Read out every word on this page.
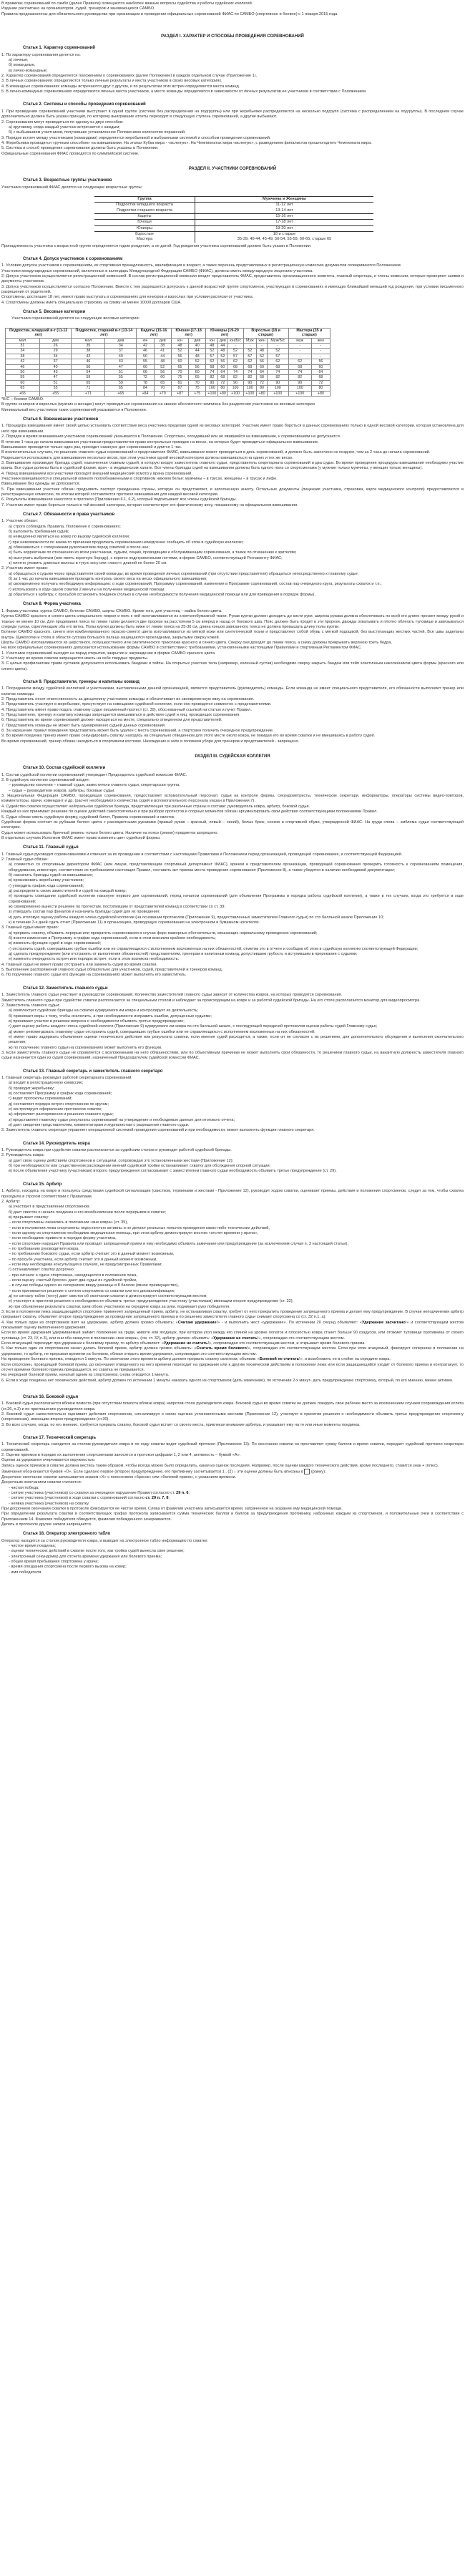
В правилах соревнований по самбо (далее Правила) освещаются наиболее важные вопросы судейства и работы судейских коллегий.

Издание рассчитано на организаторов, судей, тренеров и занимающихся САМБО.

Правила предназначены для обязательного руководства при организации и проведении официальных соревнований ФИАС по САМБО (спортивное и боевое) с 1 января 2015 года.

РАЗДЕЛ I. ХАРАКТЕР И СПОСОБЫ ПРОВЕДЕНИЯ СОРЕВНОВАНИЙ
Статья 1. Характер соревнований

1. По характеру соревнования делятся на:

а) личные;

б) командные,

в) лично-командные;

2. Характер соревнований определяется положением о соревнованиях (далее Положение) в каждом отдельном случае (Приложение 1).

3. В личных соревнованиях определяются только личные результаты и места участников в своих весовых категориях.

4. В командных соревнованиях команды встречаются друг с другом, и по результатам этих встреч определяются места команд.

5. В лично-командных соревнованиях определяются личные места участников, а место команды определяется в зависимости от личных результатов ее участников в соответствии с Положением.

Статья 2. Системы и способы проведения соревнований

1. При проведении соревнований участники выступают в одной группе (система без распределения на подгруппы) или при жеребьевке распределяются на несколько подгрупп (система с распределением на подгруппы). В последнем случае дополнительно должен быть указан принцип, по которому выигравшие атлеты переходят в следующую ступень соревнований, а другие выбывают.

2. Соревнования могут проводиться по одному из двух способов:

а) круговому, когда каждый участник встречается с каждым;

б) с выбыванием участников, получивших установленное Положением количество поражений.

3. Порядок встреч между участниками (командами) определяется жеребьевкой и выбранными системой и способом проведения соревнований.

4. Жеребьевка проводится «ручным способом» на взвешивании. На этапах Кубка мира - «вслепую». На Чемпионатах мира «вслепую», с разведением финалистов прошлогоднего Чемпионата мира.

5. Система и способ проведения соревнования должны быть указаны в Положении.

Официальные соревнования ФИАС проводятся по олимпийской системе.

РАЗДЕЛ II. УЧАСТНИКИ СОРЕВНОВАНИЙ
Статья 3. Возрастные группы участников

Участники соревнований ФИАС делятся на следующие возрастные группы:

Группа	Мужчины и Женщины
Подростки младшего возраста	11-12 лет
Подростки старшего возраста	13-14 лет
Кадеты	15-16 лет
Юноши	17-18 лет
Юниоры	19-20 лет
Взрослые	18 и старше
Мастера	35-39, 40-44, 45-49, 50-54, 55-59, 60-65, старше 65

Принадлежность участника к возрастной группе определяется годом рождения, а не датой. Год рождения участника соревнований должен быть указан в Положении.

Статья 4. Допуск участников к соревнованиям

1. Условия допуска участников к соревнованиям, их спортивная принадлежность, квалификация и возраст, а также перечень представляемых в регистрационную комиссию документов оговариваются Положением.

Участники международных соревнований, включенных в календарь Международной Федерации САМБО (ФИАС), должны иметь международную лицензию участника.

2. Допуск участников осуществляется регистрационной комиссией. В состав регистрационной комиссии входят представитель ФИАС, представитель организационного комитета, главный секретарь, и члены комиссии, которые проверяют заявки и документы участников.

3. Допуск участников осуществляется согласно Положению. Вместе с тем разрешается допускать к данной возрастной группе спортсменов, участвующих в соревнованиях и имеющих ближайший меньший год рождения, при условии письменного разрешения от родителей.

Спортсмены, достигшие 18 лет, имеют право выступать в соревнованиях для юниоров и взрослых при условии расписки от участника.

4. Спортсмены должны иметь специальную страховку на сумму не менее 10000 долларов США.

Статья 5. Весовые категории

Участники соревнований делятся на следующие весовые категории:

Подростки, младший в-т (11-12 лет)		Подростки, старший в-т (13-14 лет)		Кадеты (15-16 лет)		Юноши (17-18 лет)		Юниоры (19-20 лет)			Взрослые (18 и старше)			Мастера (35 и старше)	
мал	дев	мал	дев	юн	дев	юн	дев	юн	дев	юн/Б/с	Муж	жен	Муж/Б/с	муж	жен
31	26	35	34	42	38	48	40	48	44	-	-	-	-	-	-
34	29	38	37	46	41	52	44	52	48	52	52	48	52	-	-
38	34	42	40	50	44	56	48	57	52	57	57	52	57	-	-
42	37	46	43	55	48	60	52	62	56	62	62	56	62	62	56
46	40	50	47	60	52	65	56	68	60	68	68	60	68	68	60
50	43	54	51	66	56	70	60	74	64	74	74	64	74	74	64
55	47	59	55	72	60	75	65	82	68	82	82	68	82	82	68
60	51	65	59	78	65	81	70	90	72	90	90	72	90	90	72
65	55	71	65	84	70	87	75	100	80	100	100	80	100	100	80
+65	+55	+71	+65	+84	+70	+87	+75	+100	+80	+100	+100	+80	+100	+100	+80

*Б/С – боевое САМБО.

В группе юниоров и взрослых (мужчин и женщин) могут проводиться соревнования на звание абсолютного чемпиона без разделения участников на весовые категории

Минимальный вес участников таких соревнований указывается в Положении.

Статья 6. Взвешивание участников

1. Процедура взвешивания имеет своей целью установить соответствие веса участника пределам одной из весовых категорий. Участник имеет право бороться в данных соревнованиях только в одной весовой категории, которая установлена для него при взвешивании.

2. Порядок и время взвешивания участников соревнований указывается в Положении. Спортсмен, опоздавший или не явившийся на взвешивание, к соревнованиям не допускается.

В течение 1 часа до начала взвешивания участникам предоставляется право контрольных прикидок на весах, на которых будет проводиться официальное взвешивание.

Взвешивание проводится только один раз, проходит накануне дня соревнований и длится 1 час.

В исключительных случаях, по решению главного судьи соревнований и представителя ФИАС, взвешивание может проводиться в день соревнований, и должно быть закончено не позднее, чем за 2 часа до начала соревнований.

Разрешается использовать для взвешивания несколько весов, при этом участники одной весовой категории должны взвешиваться на одних и тех же весах.

3. Взвешивание производит бригада судей, назначенная главным судьей, в которую входят заместитель главного судьи, представитель секретариата соревнований и два судьи. Во время проведения процедуры взвешивания необходимо участие врача. Все судьи должны быть в судейской форме, врач - в медицинском халате. Все члены бригады судей на взвешивании должны быть одного пола со спортсменами (у мужчин только мужчины, у женщин только женщины).

4. Перед взвешиванием все участники проходят внешний медицинский осмотр у врача соревнований.

Участники взвешиваются в специальной комнате полуобнаженными в спортивном нижнем белье: мужчины – в трусах, женщины – в трусах и лифе.

Взвешивание без одежды не допускается.

5. При взвешивании участник обязан предъявить паспорт гражданина страны, которую он представляет, и заполненную анкету. Остальные документы (лицензия участника, страховка, карта медицинского контроля) предоставляются в регистрационную комиссию, по итогам которой составляется протокол взвешивания для каждой весовой категории.

6. Результаты взвешивания заносятся в протокол (Приложения 6.1, 6.2), который подписывают все члены судейской бригады.

7. Участник имеет право бороться только в той весовой категории, которая соответствует его фактическому весу, показанному на официальном взвешивании.

Статья 7. Обязанности и права участников

1. Участник обязан:

а) строго соблюдать Правила, Положение о соревнованиях;

б) выполнять требования судей;

в) немедленно являться на ковер по вызову судейской коллегии;

г) при невозможности по каким-то причинам продолжать соревнования немедленно сообщить об этом в судейскую коллегию;

д) обмениваться с соперниками рукопожатием перед схваткой и после нее;

е) быть корректным по отношению ко всем участникам, судьям, лицам, проводящим и обслуживающим соревнования, а также по отношению к зрителям;

ж) выступать выбритым (или иметь короткую бороду), с коротко подстриженными ногтями, в форме САМБО, соответствующей Регламенту ФИАС;

з) плотно уложить длинные волосы в тугую косу или «хвост» длиной не более 20 см.

2. Участник имеет право:

а) обращаться к судьям через представителя своей команды; во время проведения личных соревнований (при отсутствии представителя) обращаться непосредственно к главному судье;

б) за 1 час до начала взвешивания проводить контроль своего веса на весах официального взвешивания;

в) своевременно получать необходимую информацию: о ходе соревнований, Программу соревнований, изменения в Программе соревнований, состав пар очередного круга, результаты схваток и т.п.;

г) использовать в ходе одной схватки 2 минуты на получение медицинской помощи.

д) обратиться к арбитру, с просьбой остановить поединок (только в случае необходимости получения медицинской помощи или для приведения в порядок формы).

Статья 8. Форма участника

1. Форма участника: куртка САМБО, ботинки САМБО, шорты САМБО. Кроме того, для участниц – майка белого цвета.

Куртка САМБО красного и синего цвета специального покроя и пояс к ней изготавливаются из хлопчатобумажной ткани. Рукав куртки должен доходить до кисти руки, ширина рукава должна обеспечивать по всей его длине просвет между рукой и тканью не менее 10 см. Для продевания пояса по линии талии делаются две прорези на расстоянии 5 см вперед и назад от бокового шва. Пояс должен быть продет в эти прорези, дважды охватывать и плотно облегать туловище и завязываться спереди узлом, скрепляющим оба его витка. Полы куртки должны быть ниже от линии пояса на 25-30 см, длина концов завязанного пояса не должна превышать длину полы куртки.

Ботинки САМБО красного, синего или комбинированного (красно-синего) цвета изготавливаются из мягкой кожи или синтетической ткани и представляют собой обувь с мягкой подошвой, без выступающих жестких частей. Все швы заделаны внутрь. Щиколотки и стопа в области сустава большого пальца защищаются прокладками, закрытыми сверху кожей.

Шорты САМБО изготавливаются из шерстяного, полушерстяного или синтетического трикотажа красного и синего цвета. Сверху они доходят до линии пояса, а снизу должны прикрывать верхнюю треть бедра.

На всех официальных соревнованиях допускается использование формы САМБО в соответствии с требованиями, установленными настоящими Правилами и спортивным Регламентом ФИАС.

1. Участники соревнований выходят на парад открытия, закрытия и награждение в форме САМБО красного цвета.

2. Участнику во время схватки запрещается иметь на себе твердые предметы.

3. С целью профилактики травм суставов допускается использовать бандажи и тейпы. На открытых участках тела (например, коленный сустав) необходимо сверху закрыть бандаж или тейп эластичным наколенником цвета формы (красного или синего цвета).

Статья 9. Представители, тренеры и капитаны команд

1. Посредником между судейской коллегией и участниками, выставленными данной организацией, является представитель (руководитель) команды. Если команда не имеет специального представителя, его обязанности выполняет тренер или капитан команды.

2. Представитель несет ответственность за дисциплину участников команды и обеспечивает их своевременную явку на соревнования.

3. Представитель участвует в жеребьевке, присутствует на совещании судейской коллегии, если оно проводится совместно с представителями.

4. Представитель имеет право подать главному судье письменный протест (ст. 39), обоснованный ссылкой на статью и пункт Правил.

5. Представителю, тренеру и капитану команды запрещается вмешиваться в действия судей и лиц, проводящих соревнования.

6. Представитель во время соревнований должен находиться на месте, специально отведенном для представителей.

7. Представитель команды не может быть одновременно судьей данных соревнований.

8. За нарушение правил поведения представитель может быть удален с места соревнований, а спортсмен получить очередное предупреждение.

9. Во время поединка тренер имеет право секундировать схватку, находясь на специально отведенном для этого месте около ковра, не покидая его во время схватки и не вмешиваясь в работу судей.

Во время соревнований, тренер обязан находиться в спортивном костюме. Нахождение в зале в головном уборе для тренеров и представителей - запрещено.

РАЗДЕЛ III. СУДЕЙСКАЯ КОЛЛЕГИЯ
Статья 10. Состав судейской коллегии

1. Состав судейской коллегии соревнований утверждает Председатель судейской комиссии ФИАС.

2. В судейскую коллегию соревнований входят:

– руководство коллегии – главный судья, заместители главного судьи, секретарская группа;

– судьи – руководители ковров, арбитры, боковые судьи.

3. Национальная Федерация САМБО, проводящая соревнования, предоставляет вспомогательный персонал: судьи на контроле формы, секундометристы, технические секретари, информаторы, операторы системы видео-повторов, комментаторы, врачи, комендант и др. (расчет необходимого количества судей и вспомогательного персонала указан в Приложении 7).

4. Судейство схватки осуществляет нейтральная судейская бригада, представляющая три различные страны в составе: руководитель ковра, арбитр, боковой судья.

Каждый из них принимает решение по оценке действий самостоятельно и при разборе протестов и спорных моментов обязан аргументировать свои действия соответствующими положениями Правил.

5. Судья обязан иметь судейскую форму, судейский билет, Правила соревнований и свисток.

Судейская форма состоит из рубашки белого цвета с разноцветными рукавами (правый рукав – красный, левый – синий), белых брюк, носков и спортивной обуви, утвержденной ФИАС. На груди слева – эмблема судьи соответствующей категории.

Судья может использовать брючный ремень только белого цвета. Наличие на поясе (ремне) предметов запрещено.

В отдельных случаях Исполком ФИАС имеет право изменить цвет судейской формы.

Статья 11. Главный судья

1. Главный судья руководит соревнованиями и отвечает за их проведение в соответствии с настоящими Правилами и Положением перед организацией, проводящей соревнования, и соответствующей Федерацией.

2. Главный судья обязан:

а) совместно со спортивным директором ФИАС (или лицом, представляющим спортивный департамент ФИАС), врачом и представителем организации, проводящей соревнования проверить готовность к соревнованиям помещения, оборудования, инвентаря, соответствие их требованиям настоящих Правил, составить акт приема места проведения соревнования (Приложение 8), а также убедится в наличии необходимой документации;

б) назначить бригады судей на взвешивание;

в) организовать жеребьевку участников;

г) утвердить график хода соревнований;

д) распределить своих заместителей и судей на каждый ковер;

е) проводить совещание судейской коллегии накануне первого дня соревнований, перед началом соревнований (для объявления Программы и порядка работы судейской коллегии), а также в тех случаях, когда это требуется в ходе соревнований;

ж) своевременно вынести решение по протестам, поступившим от представителей команд в соответствии со ст. 39;

з) утвердить состав пар финалов и назначить бригады судей для их проведения;

и) дать итоговую оценку работы каждого члена судейской коллегии (на основании протоколов (Приложение 9), предоставленных заместителем Главного судьи) по сто балльной шкале Приложение 10;

к) в течение 3-х дней сдать отчет (Приложение 11) в организацию, проводящую соревнования на электронном и бумажном носителях.

3. Главный судья имеет право:

а) прервать схватку, объявить перерыв или прекратить соревнования в случае форс-мажорных обстоятельств, мешающих нормальному проведению соревнований;

б) внести изменения в Программу и график хода соревнований, если в этом возникла крайняя необходимость;

в) изменить функции судей в ходе соревнований;

г) отстранить судей, совершивших грубые ошибки или не справляющихся с исполнением возложенных на них обязанностей, отметив это в отчете и сообщив об этом в судейскую коллегию соответствующей Федерации;

д) сделать предупреждение (или отстранить от выполнения обязанностей) представителям, тренерам и капитанам команд, допустившим грубость и вступившим в пререкания с судьями;

е) изменить очередность встреч или порядок встреч, если в этом возникла необходимость.

4. Главный судья не имеет право отстранить или заменить судей во время схватки.

5. Выполнение распоряжений главного судьи обязательно для участников, судей, представителей и тренеров команд.

6. По поручению главного судьи его функции на соревнованиях может выполнять его заместитель.

Статья 12. Заместитель главного судьи

1. Заместитель главного судьи участвует в руководстве соревнований. Количество заместителей главного судьи зависит от количества ковров, на которых проводятся соревнования.

Заместитель главного судьи при судействе схватки располагается за специальным столом и наблюдает за происходящим на ковре и за работой судейской бригады. На его столе располагается монитор для видеопросмотра.

2. Заместитель главного судьи:

а) комплектует судейские бригады на схватки курируемого им ковра и контролирует их деятельность;

б) принимает меры к тому, чтобы исключить, а при необходимости исправить ошибки, допущенные судьями;

в) принимает участие в решении вопроса о необходимости объявить третье предупреждение;

г) дает оценку работы каждого члена судейской коллеги (Приложение 9) курируемого им ковра по сто балльной шкале, с последующей передачей протоколов оценки работы судей Главному судье;

д) может рекомендовать главному судье отстранить судей, совершивших грубые ошибки или не справляющихся с исполнением возложенных на них обязанностей;

е) имеет право задержать объявление оценки технического действия или результата схватки, если мнения судей расходятся, а также, если он не согласен с их решением, для дополнительного обсуждения и вынесения окончательного решения;

ж) по поручению главного судьи на соревнованиях может выполнять его функции.

3. Если заместитель главного судьи не справляется с возложенными на него обязанностями, или по объективным причинам не может выполнять свои обязанности, то решением главного судьи, на вакантную должность заместителя главного судьи назначается один из судей соревнований, назначенный Председателем судейской комиссии ФИАС.

Статья 13. Главный секретарь и заместитель главного секретаря

1. Главный секретарь руководит работой секретариата соревнований:

а) входит в регистрационную комиссию;

б) проводит жеребьевку;

в) составляет Программу и график хода соревнований;

г) ведет протоколы соревнований;

д) составляет порядок встреч спортсменов по кругам;

е) контролирует оформление протоколов схваток;

ж) оформляет распоряжения и решения главного судьи;

з) представляет главному судье результаты соревнований на утверждение и необходимые данные для итогового отчета;

и) дает сведения представителям, комментаторам и журналистам с разрешения главного судьи.

2. Заместитель главного секретаря управляет операционной системой проведения соревнований и при необходимости, может выполнять функции главного секретаря.

Статья 14. Руководитель ковра

1. Руководитель ковра при судействе схватки располагается за судейским столом и руководит работой судейской бригады.

2. Руководитель ковра:

а) дает свою оценку действиям спортсменов и ситуациям, сопровождая это установленными жестами (Приложение 12);

б) при необходимости или существенном расхождении мнений судейской тройки останавливает схватку для обсуждения спорной ситуации;

в) после объявления участнику (участникам) второго предупреждения согласовывает с заместителем главного судьи необходимость объявить третье предупреждение (ст. 29).

Статья 15. Арбитр

1. Арбитр, находясь на ковре и пользуясь средствами судейской сигнализации (свистком, терминами и жестами - Приложение 12), руководит ходом схватки, оценивает приемы, действия и положения спортсменов, следит за тем, чтобы схватка проходила в строгом соответствии с Правилами.

2. Арбитр:

а) участвует в представлении спортсменов;

б) дает свисток о начале поединка и его возобновлении после перерывов в схватке;

в) прерывает схватку:

– если спортсмены оказались в положении «вне ковра» (ст. 35),

– если в положении лежа спортсмены недостаточно активны и не делают реальных попыток проведения каких-либо технических действий,

– если одному из спортсменов необходима медицинская помощь, при этом арбитр демонстрирует жестом «отсчет времени у врача»,

– если необходимо привести в порядок форму участника,

– если спортсмен нарушил Правила или проводит запрещенный прием и ему необходимо объявить замечание или предупреждение (за исключением случая п. 3 настоящей статьи),

– по требованию руководителя ковра,

– по требованию бокового судьи, если арбитр считает это в данный момент возможным,

– по просьбе участника, если арбитр считает это в данный момент возможным,

– если ему необходима консультация в случаях, не предусмотренных Правилами;

г) останавливает схватку досрочно:

– при сигнале о сдаче спортсмена, находящегося в положении лежа,

– если оценку «чистый бросок» дают два судьи из судейской тройки,

– в случае победы одного из соперников ввиду разницы в 8 баллов (явное преимущество),

– если принимается решение о снятии спортсмена со схватки или его дисквалификации;

д) по сигналу табло (гонгу) дает свисток об окончании схватки и демонстрирует соответствующим жестом;

е) участвует в принятии решения о необходимости объявить третье предупреждение участнику (участникам) имеющим второе предупреждение (ст. 32);

ж) при объявлении результата схватки, взяв обоих участников на середине ковра за руки, поднимает руку победителя.

3. Если в положении лежа защищающийся спортсмен применяет запрещенный прием, арбитр, не останавливая схватку, требует от него прекратить проведение запрещенного приема и делает ему предупреждение. В случае неподчинения арбитр прерывает схватку, объявляет второе предупреждение за проведение запрещенного приема и по решению заместителя главного судьи снимает спортсмена со (ст. 32 п.1, а).

4. Как только один из спортсменов взят на удержание, арбитр должен громко объявить: «Считаю удержание!» - и выполнить жест «удержание». По истечении 20 секунд объявляет: «Удержание засчитано!» и соответствующим жестом показывает оценку выполненного удержания.

Если во время удержания удерживаемый займет положение на груди, животе или ягодицах, при котором угол между его спиной на уровне лопаток и плоскостью ковра станет больше 90 градусов, или отожмет туловище противника от своего туловища (ст. 23, IV, п.3), или они оба окажутся в положении «вне ковра», (см. ст. 32), арбитр должен объявить: «Удержание не считать!», сопровождая это соответствующим жестом.

Если атакующий переходит при удержании к болевому приему, то арбитр объявляет: «Удержание не считать!», сопровождая это соответствующим жестом, и открывает время болевого приема.

5. Как только один из спортсменов начал делать болевой прием, арбитр должен громко объявить: «Считать время болевого!», сопровождая это соответствующим жестом. Если при этом атакуемый, фиксирует соперника в положении на удержании, то арбитр, не прерывая времени на болевом, обязан открыть время удержания, сопровождая это соответствующим жестом.

На проведение болевого приема, отводится 1 минута. По окончании этого времени арбитр должен прервать схватку свистком, объявив: «Болевой не считать!», и возобновить ее в стойке на середине ковра.

Если спортсмен, проводящий болевой прием, до окончания отведенного на него времени переходит на удержание или к другим техническим действиям в положении лежа или если защищающийся уходит от болевого приема и контратакует, то отсчет времени болевого приема прекращается, но схватка не прерывается.

На очередной болевой прием, начатый одним из спортсменов, снова отводится 1 минута.

6. Если в ходе поединка нет технических действий, арбитр должен по истечении 1 минуты наказать одного из спортсменов (дать замечание), по истечении 2-х минут- дать предупреждение спортсмену, который, по его мнению, менее активен.

Статья 16. Боковой судья

1. Боковой судья располагается вблизи помоста (при отсутствии помоста вблизи ковра) напротив стола руководителя ковра. Боковой судья во время схватки не должен покидать свое рабочее место за исключением случаев сопровождения атлета (ст.26, п.3) и по приглашению руководителя ковра.

2. Боковой судья самостоятельно оценивает действия спортсменов, сигнализируя о своих оценках установленными жестами (Приложение 12), участвует в принятии решения о необходимости объявить третье предупреждение спортсмену (спортсменам), имеющим второе предупреждение (ст.30).

3. Во всех случаях, когда, по его мнению, требуется прервать схватку, боковой судья встает со своего места, привлекая внимание арбитра, и указывает ему на те или иные моменты поединка.

Статья 17. Технический секретарь

1. Технический секретарь находится за столом руководителя ковра и по ходу схватки ведет судейский протокол (Приложение 13). По окончании схватки он проставляет сумму баллов и время схватки, передает судейский протокол секретарю соревнований.

2. Оценки приемов в порядке их выполнения спортсменами заносятся в протокол цифрами 1, 2 или 4, активность – буквой «А».

Оценки за удержания очерчиваются окружностью.

Запись оценок приемов в схватке должна вестись таким образом, чтобы всегда можно было определить, какая из оценок последняя. Например, после оценки каждого технического действия, кроме последнего, ставится знак + (плюс).

Замечания обозначаются буквой «О». Если сделано первое (второе) предупреждение, его противнику засчитывается 1 , (2) – эти оценки должны быть вписаны в  (рамку).

Досрочное окончание схватки записывается знаком «Х» с пояснением «бросок» или «болевой прием», с указанием времени.

Досрочным окончанием схватки считается:

- чистая победа;

- снятие участника (участников) со схватки за очередное нарушение Правил согласно ст. 29 п. 6;

- снятие участника (участников) в ходе схватки с соревнований согласно ст. 29 п. 7, 8;

- неявка участника (участников) на схватку.

При досрочном окончании схватки в протоколе фиксируется ее чистое время. Слева от фамилии участника записывается время, затраченное на оказание ему медицинской помощи.

При определении результата схватки в соответствующих графах протокола записывается сумма технических баллов и баллов за предупреждения противнику, набранных каждым из спортсменов, и положительные очки в соответствии с Приложением 14. Фамилия победителя обводится, фамилия побежденного зачеркивается.

Делать в протоколе другие записи запрещается.

Статья 18. Оператор электронного табло

Оператор находится за столом руководителя ковра, и выводит на электронное табло информацию по схватке:

- чистое время поединка;

- оценки технических действий в схватке после того, как тройка судей вынесла свое решение;

- электронный секундомер для отсчета времени удержания или болевого приема;

- общее время пребывания спортсмена у врача;

- время опоздания спортсмена после первого вызова на ковер;

- имя победителя.
